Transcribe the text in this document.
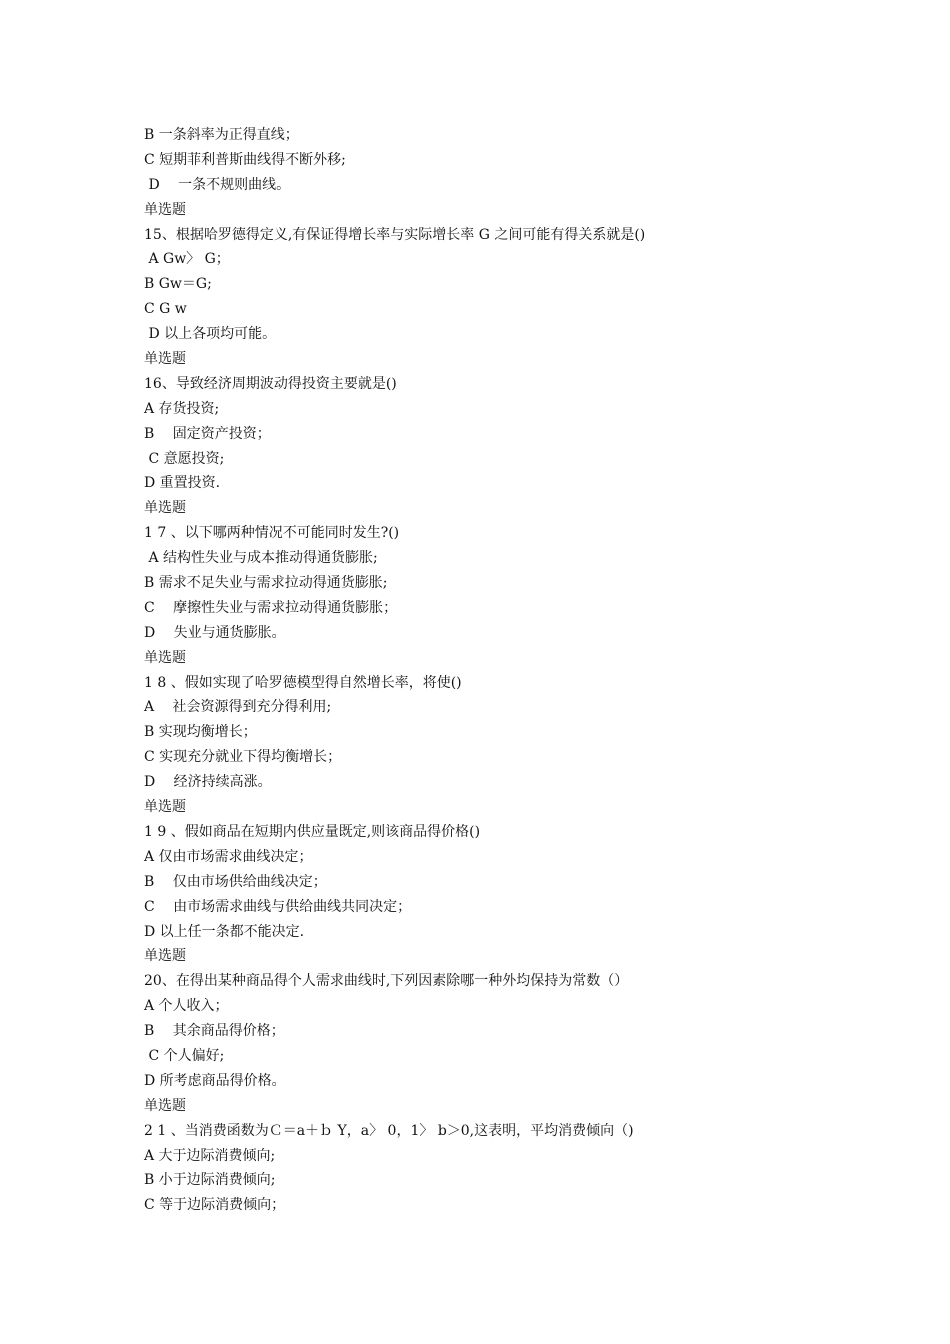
B 一条斜率为正得直线；
C 短期菲利普斯曲线得不断外移;
D　 一条不规则曲线。
单选题
15、根据哈罗德得定义,有保证得增长率与实际增长率 G 之间可能有得关系就是()
A Gw〉 G；
B Gw＝G;
C G w
D 以上各项均可能。
单选题
16、导致经济周期波动得投资主要就是()
A 存货投资;
B　 固定资产投资；
C 意愿投资;
D 重置投资.
单选题
1 7 、以下哪两种情况不可能同时发生?()
A 结构性失业与成本推动得通货膨胀;
B 需求不足失业与需求拉动得通货膨胀;
C　 摩擦性失业与需求拉动得通货膨胀；
D　 失业与通货膨胀。
单选题
1 8 、假如实现了哈罗德模型得自然增长率，将使()
A　 社会资源得到充分得利用;
B 实现均衡增长；
C 实现充分就业下得均衡增长；
D　 经济持续高涨。
单选题
1 9 、假如商品在短期内供应量既定,则该商品得价格()
A 仅由市场需求曲线决定；
B　 仅由市场供给曲线决定；
C　 由市场需求曲线与供给曲线共同决定；
D 以上任一条都不能决定.
单选题
20、在得出某种商品得个人需求曲线时,下列因素除哪一种外均保持为常数（）
A 个人收入；
B　 其余商品得价格；
C 个人偏好;
D 所考虑商品得价格。
单选题
2 1 、当消费函数为Ｃ＝a＋ｂ Y，a〉 0，1〉 b＞0,这表明，平均消费倾向（)
A 大于边际消费倾向;
B 小于边际消费倾向;
C 等于边际消费倾向；
